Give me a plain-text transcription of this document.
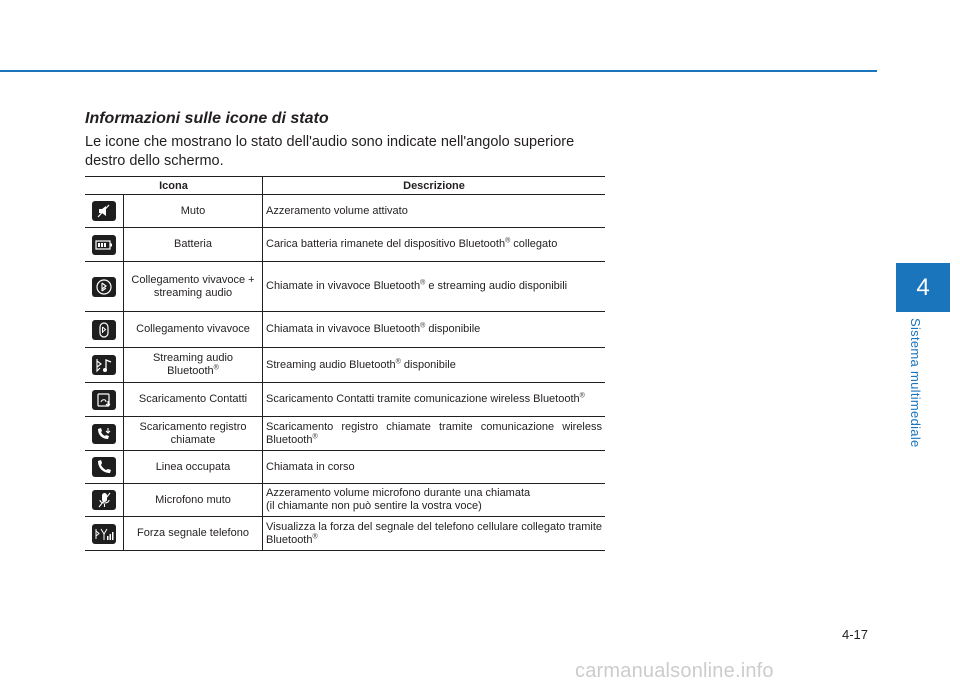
4
Sistema multimediale
Informazioni sulle icone di stato
Le icone che mostrano lo stato dell'audio sono indicate nell'angolo superiore destro dello schermo.
Icona		Descrizione

	Muto	Azzeramento volume attivato

	Batteria	Carica batteria rimanete del dispositivo Bluetooth® collegato

	Collegamento vivavoce + streaming audio	Chiamate in vivavoce Bluetooth® e streaming audio disponibili

	Collegamento vivavoce	Chiamata in vivavoce Bluetooth® disponibile

	Streaming audio Bluetooth®	Streaming audio Bluetooth® disponibile

	Scaricamento Contatti	Scaricamento Contatti tramite comunicazione wireless Bluetooth®

	Scaricamento registro chiamate	Scaricamento registro chiamate tramite comunicazione wireless Bluetooth®

	Linea occupata	Chiamata in corso

	Microfono muto	Azzeramento volume microfono durante una chiamata
(il chiamante non può sentire la vostra voce)

	Forza segnale telefono	Visualizza la forza del segnale del telefono cellulare collegato tramite Bluetooth®
4-17
carmanualsonline.info
